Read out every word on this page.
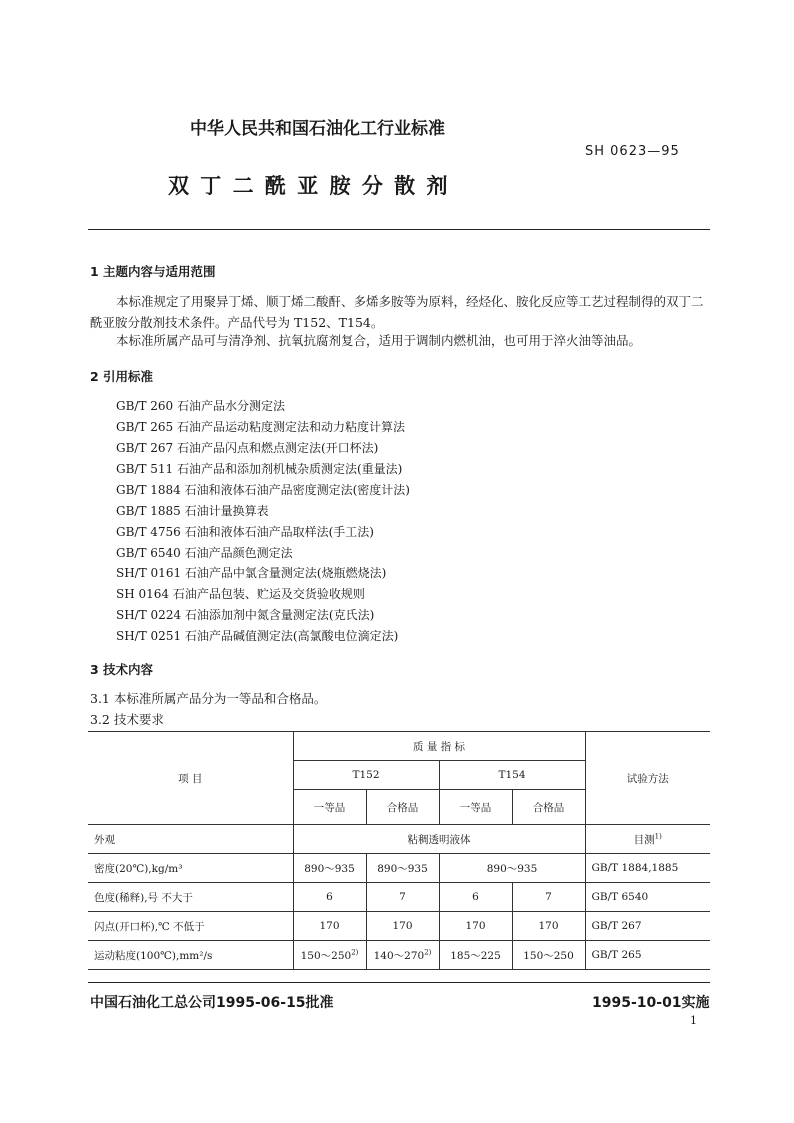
中华人民共和国石油化工行业标准
SH 0623—95
双 丁 二 酰 亚 胺 分 散 剂
1 主题内容与适用范围
本标准规定了用聚异丁烯、顺丁烯二酸酐、多烯多胺等为原料，经烃化、胺化反应等工艺过程制得的双丁二酰亚胺分散剂技术条件。产品代号为 T152、T154。
本标准所属产品可与清净剂、抗氧抗腐剂复合，适用于调制内燃机油，也可用于淬火油等油品。
2 引用标准
GB/T 260 石油产品水分测定法
GB/T 265 石油产品运动粘度测定法和动力粘度计算法
GB/T 267 石油产品闪点和燃点测定法(开口杯法)
GB/T 511 石油产品和添加剂机械杂质测定法(重量法)
GB/T 1884 石油和液体石油产品密度测定法(密度计法)
GB/T 1885 石油计量换算表
GB/T 4756 石油和液体石油产品取样法(手工法)
GB/T 6540 石油产品颜色测定法
SH/T 0161 石油产品中氯含量测定法(烧瓶燃烧法)
SH 0164 石油产品包装、贮运及交货验收规则
SH/T 0224 石油添加剂中氮含量测定法(克氏法)
SH/T 0251 石油产品碱值测定法(高氯酸电位滴定法)
3 技术内容
3.1 本标准所属产品分为一等品和合格品。
3.2 技术要求
项 目	质 量 指 标				试验方法
	T152		T154		
	一等品	合格品	一等品	合格品	
外观	粘稠透明液体				目测$^{1)}$
密度(20℃),kg/m³	890～935	890～935	890～935		GB/T 1884,1885
色度(稀释),号 不大于	6	7	6	7	GB/T 6540
闪点(开口杯),℃ 不低于	170	170	170	170	GB/T 267
运动粘度(100℃),mm²/s	150～250$^{2)}$	140～270$^{2)}$	185～225	150～250	GB/T 265
中国石油化工总公司1995-06-15批准	1995-10-01实施
1
